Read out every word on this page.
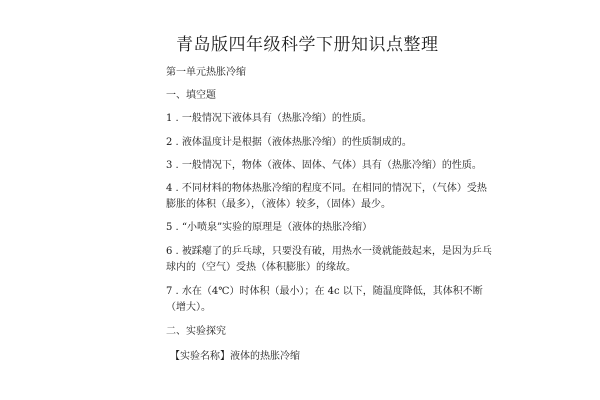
青岛版四年级科学下册知识点整理
第一单元热胀冷缩
一、填空题
1 . 一般情况下液体具有（热胀冷缩）的性质。
2 . 液体温度计是根据（液体热胀冷缩）的性质制成的。
3 . 一般情况下，物体（液体、固体、气体）具有（热胀冷缩）的性质。
4 . 不同材料的物体热胀冷缩的程度不同。在相同的情况下，（气体）受热
膨胀的体积（最多），（液体）较多，（固体）最少。
5 . “小喷泉”实验的原理是（液体的热胀冷缩）
6 . 被踩瘪了的乒乓球，只要没有破，用热水一烫就能鼓起来，是因为乒乓
球内的（空气）受热（体积膨胀）的缘故。
7 . 水在（4℃）时体积（最小）；在 4c 以下，随温度降低，其体积不断
（增大）。
二、实验探究
【实验名称】液体的热胀冷缩
